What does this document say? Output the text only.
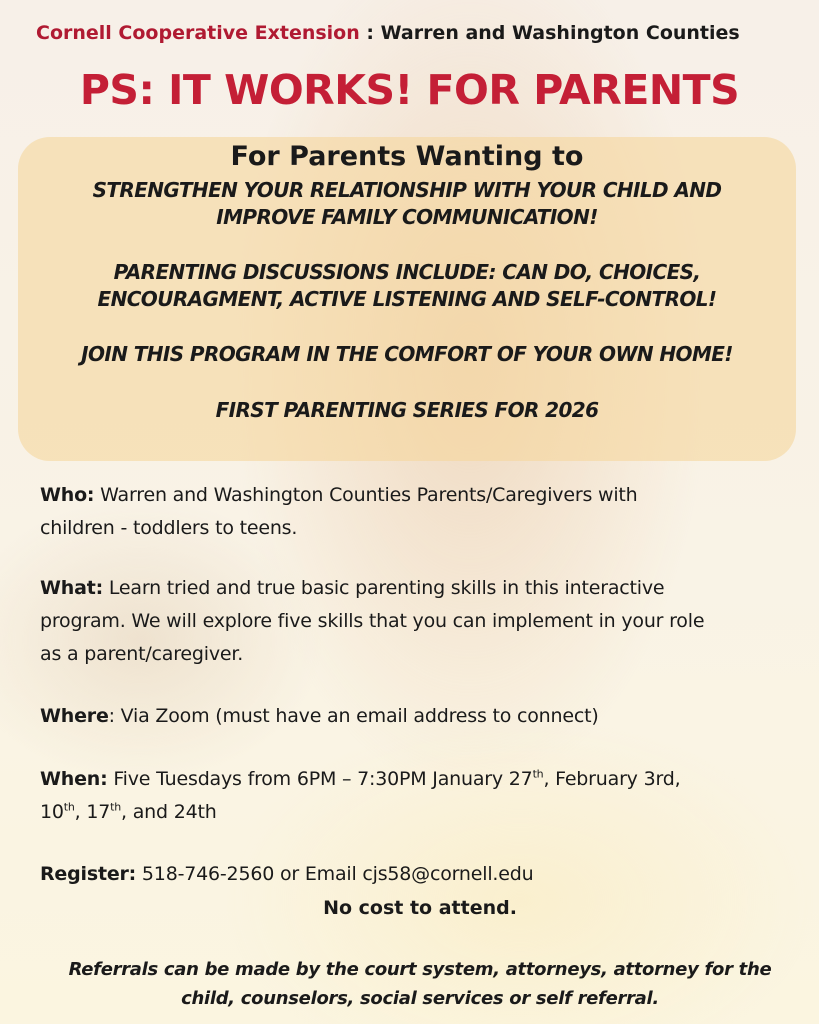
Cornell Cooperative Extension : Warren and Washington Counties
PS: IT WORKS! FOR PARENTS
For Parents Wanting to
STRENGTHEN YOUR RELATIONSHIP WITH YOUR CHILD AND
IMPROVE FAMILY COMMUNICATION!
PARENTING DISCUSSIONS INCLUDE: CAN DO, CHOICES,
ENCOURAGMENT, ACTIVE LISTENING AND SELF-CONTROL!
JOIN THIS PROGRAM IN THE COMFORT OF YOUR OWN HOME!
FIRST PARENTING SERIES FOR 2026
Who: Warren and Washington Counties Parents/Caregivers with
children - toddlers to teens.
What: Learn tried and true basic parenting skills in this interactive
program. We will explore five skills that you can implement in your role
as a parent/caregiver.
Where: Via Zoom (must have an email address to connect)
When: Five Tuesdays from 6PM – 7:30PM January 27th, February 3rd,
10th, 17th, and 24th
Register: 518-746-2560 or Email cjs58@cornell.edu
No cost to attend.
Referrals can be made by the court system, attorneys, attorney for the
child, counselors, social services or self referral.
